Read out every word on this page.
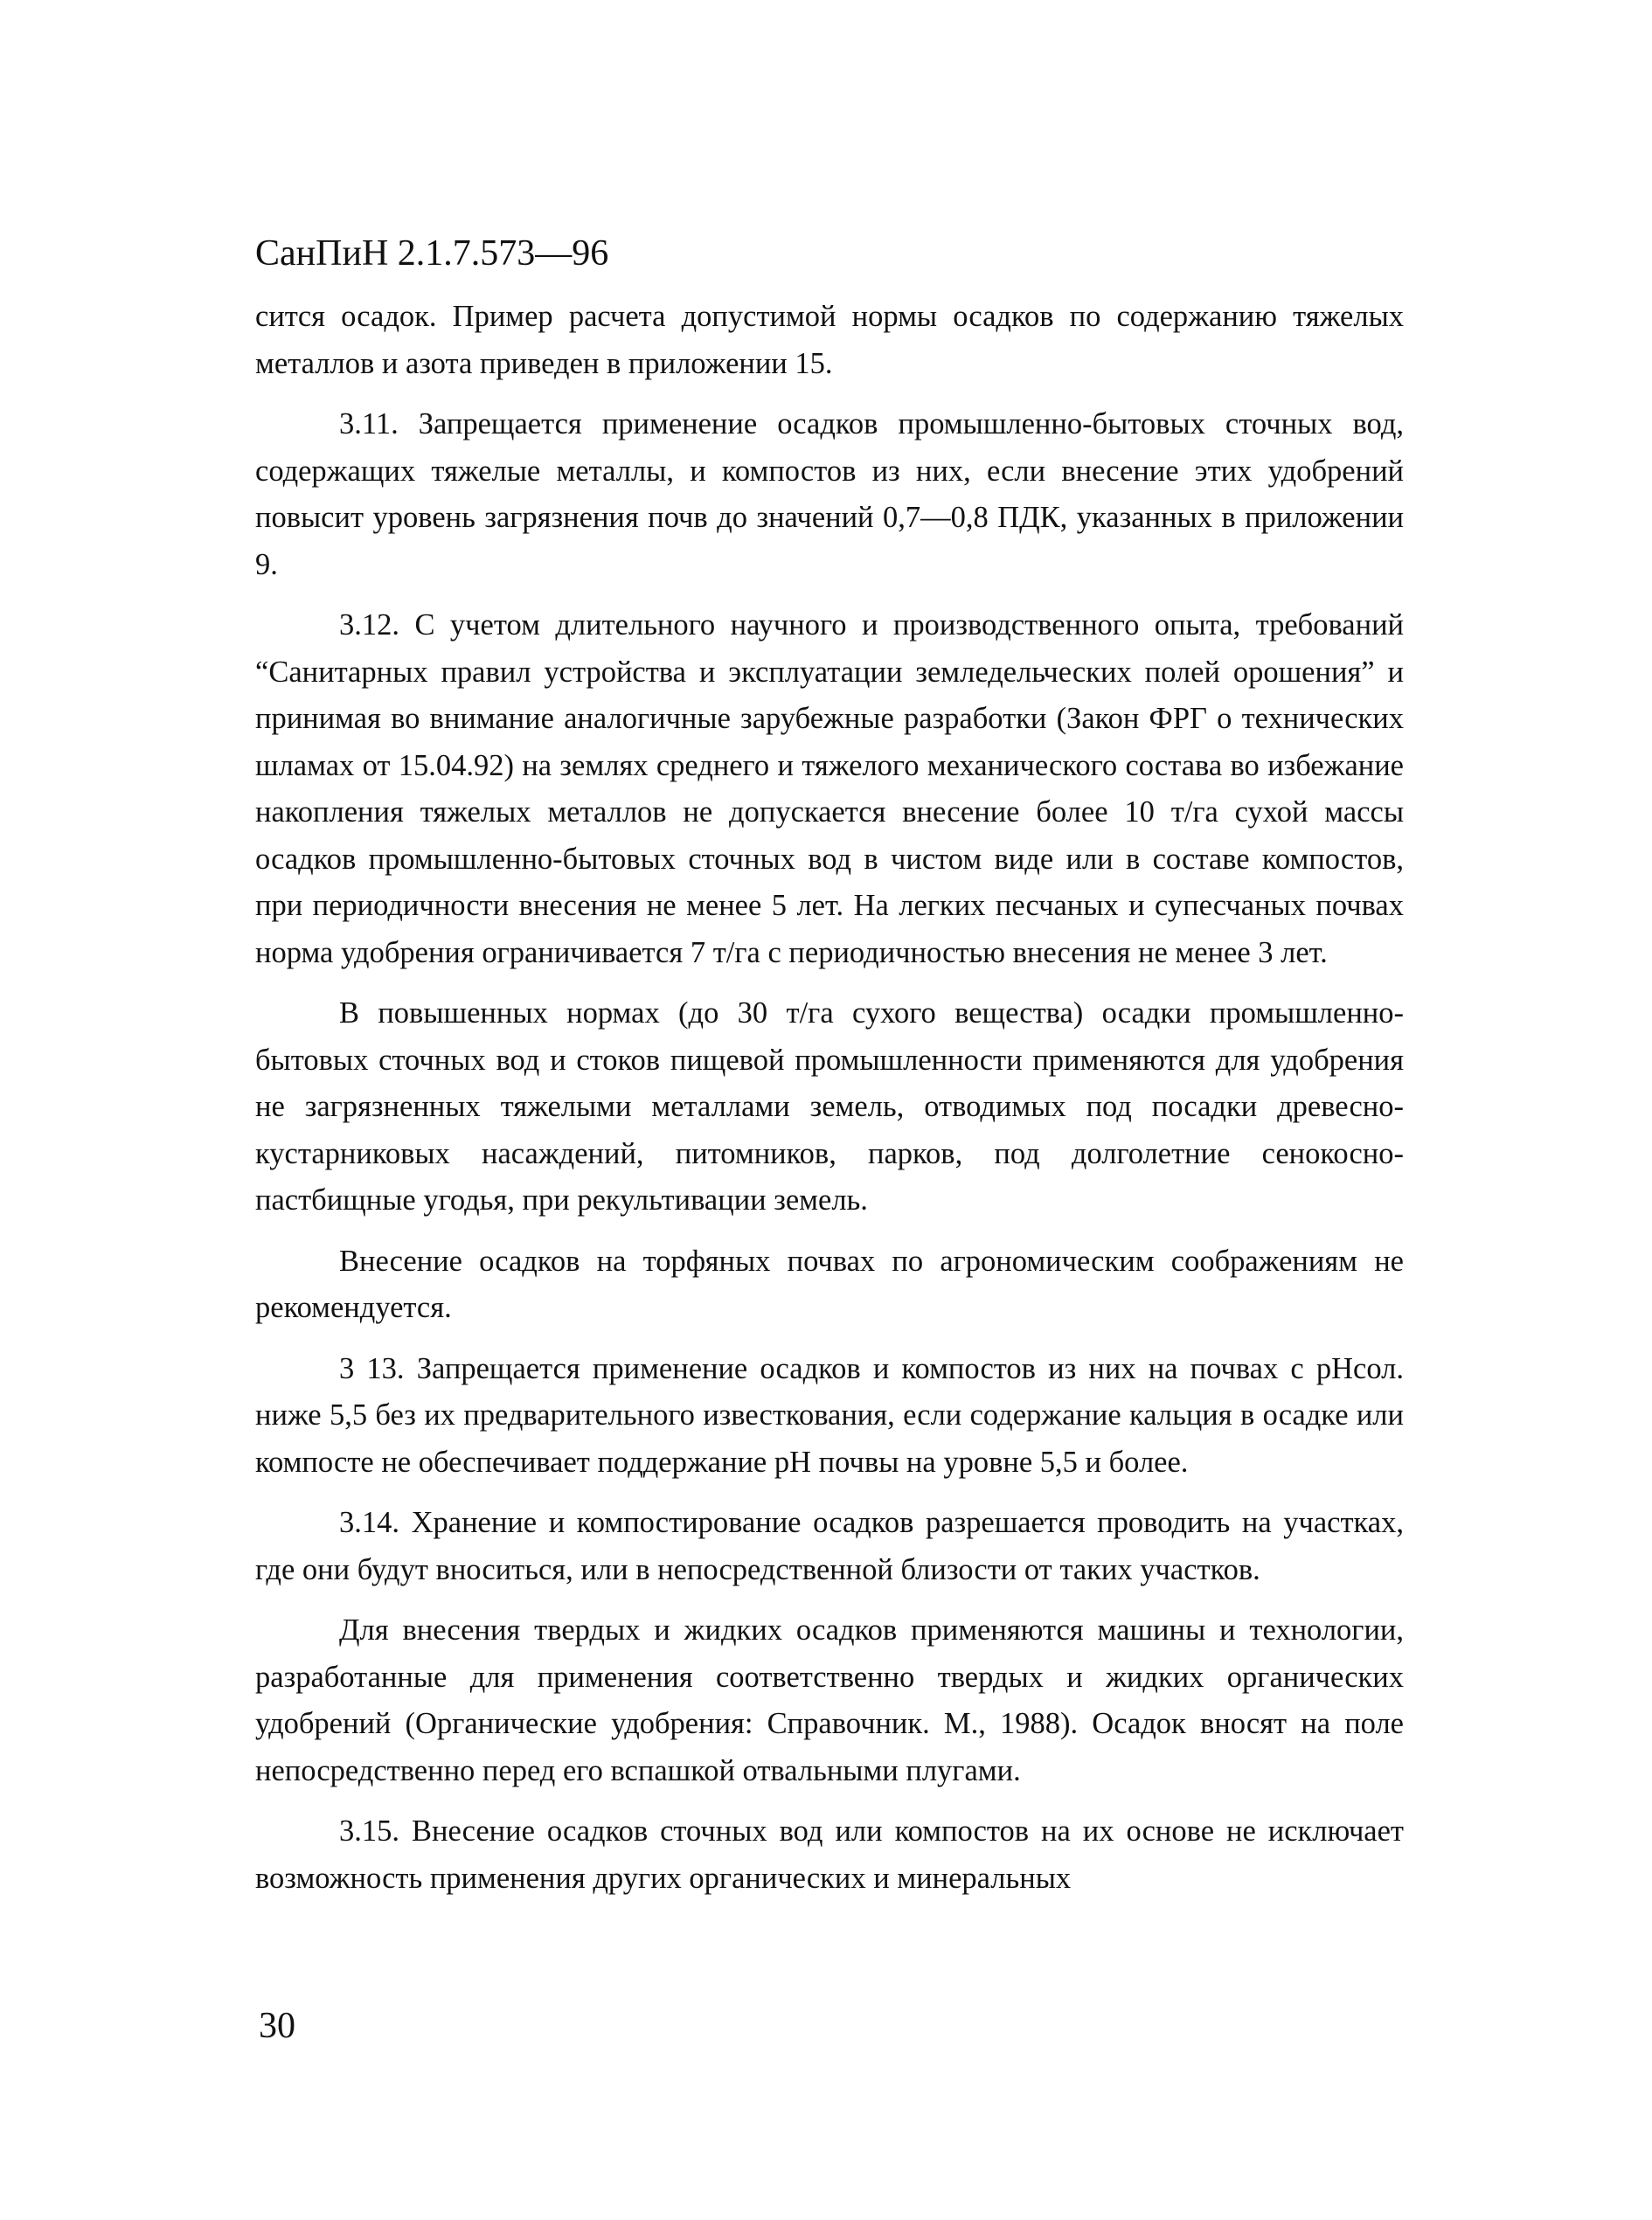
СанПиН 2.1.7.573—96

ситcя осадок. Пример расчета допустимой нормы осадков по содержанию тяжелых металлов и азота приведен в приложении 15.

3.11. Запрещается применение осадков промышленно-бытовых сточных вод, содержащих тяжелые металлы, и компостов из них, если внесение этих удобрений повысит уровень загрязнения почв до значений 0,7—0,8 ПДК, указанных в приложении 9.

3.12. С учетом длительного научного и производственного опыта, требований “Санитарных правил устройства и эксплуатации земледельческих полей орошения” и принимая во внимание аналогичные зарубежные разработки (Закон ФРГ о технических шламах от 15.04.92) на землях среднего и тяжелого механического состава во избежание накопления тяжелых металлов не допускается внесение более 10 т/га сухой массы осадков промышленно-бытовых сточных вод в чистом виде или в составе компостов, при периодичности внесения не менее 5 лет. На легких песчаных и супесчаных почвах норма удобрения ограничивается 7 т/га с периодичностью внесения не менее 3 лет.

В повышенных нормах (до 30 т/га сухого вещества) осадки промышленно-бытовых сточных вод и стоков пищевой промышленности применяются для удобрения не загрязненных тяжелыми металлами земель, отводимых под посадки древесно-кустарниковых насаждений, питомников, парков, под долголетние сенокосно-пастбищные угодья, при рекультивации земель.

Внесение осадков на торфяных почвах по агрономическим соображениям не рекомендуется.

3 13. Запрещается применение осадков и компостов из них на почвах с pHсол. ниже 5,5 без их предварительного известкования, если содержание кальция в осадке или компосте не обеспечивает поддержание pH почвы на уровне 5,5 и более.

3.14. Хранение и компостирование осадков разрешается проводить на участках, где они будут вноситься, или в непосредственной близости от таких участков.

Для внесения твердых и жидких осадков применяются машины и технологии, разработанные для применения соответственно твердых и жидких органических удобрений (Органические удобрения: Справочник. М., 1988). Осадок вносят на поле непосредственно перед его вспашкой отвальными плугами.

3.15. Внесение осадков сточных вод или компостов на их основе не исключает возможность применения других органических и минеральных

30
